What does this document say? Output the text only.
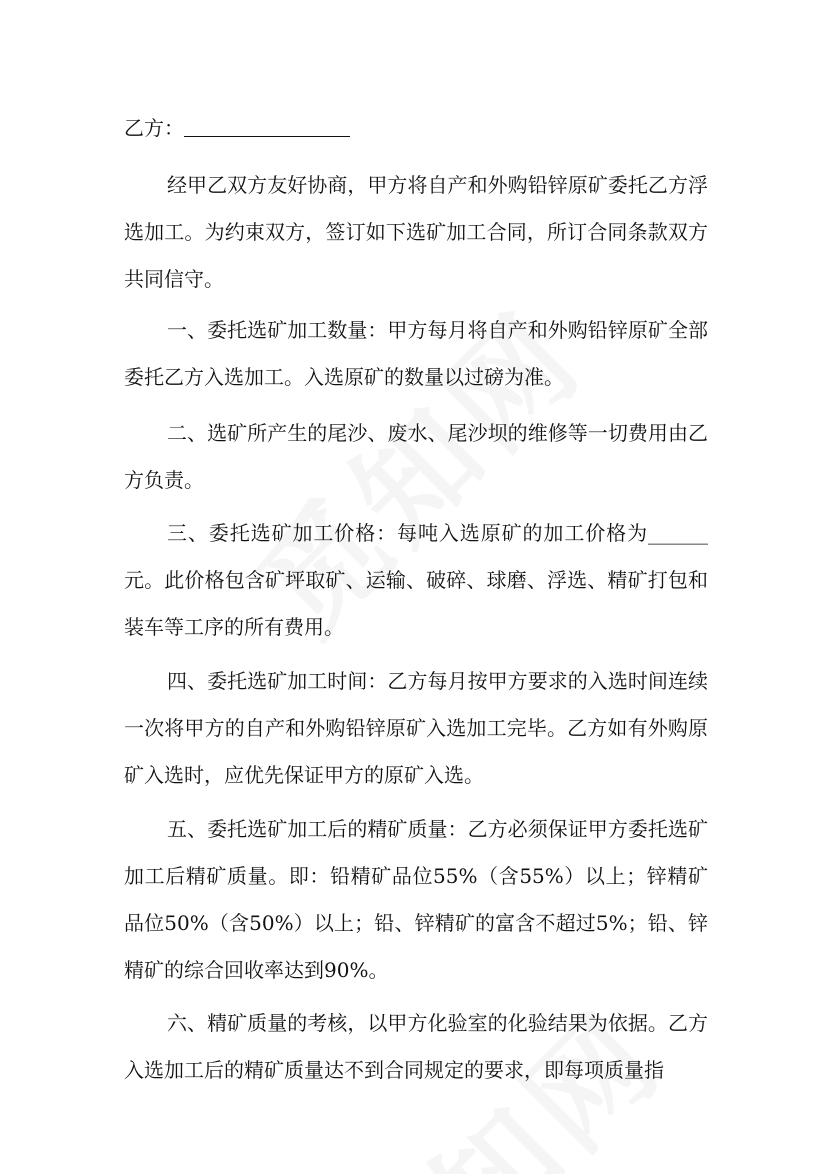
乙方：
经甲乙双方友好协商，甲方将自产和外购铅锌原矿委托乙方浮选加工。为约束双方，签订如下选矿加工合同，所订合同条款双方共同信守。
一、委托选矿加工数量：甲方每月将自产和外购铅锌原矿全部委托乙方入选加工。入选原矿的数量以过磅为准。
二、选矿所产生的尾沙、废水、尾沙坝的维修等一切费用由乙方负责。
三、委托选矿加工价格：每吨入选原矿的加工价格为______元。此价格包含矿坪取矿、运输、破碎、球磨、浮选、精矿打包和装车等工序的所有费用。
四、委托选矿加工时间：乙方每月按甲方要求的入选时间连续一次将甲方的自产和外购铅锌原矿入选加工完毕。乙方如有外购原矿入选时，应优先保证甲方的原矿入选。
五、委托选矿加工后的精矿质量：乙方必须保证甲方委托选矿加工后精矿质量。即：铅精矿品位55%（含55%）以上；锌精矿品位50%（含50%）以上；铅、锌精矿的富含不超过5%；铅、锌精矿的综合回收率达到90%。
六、精矿质量的考核，以甲方化验室的化验结果为依据。乙方入选加工后的精矿质量达不到合同规定的要求，即每项质量指
